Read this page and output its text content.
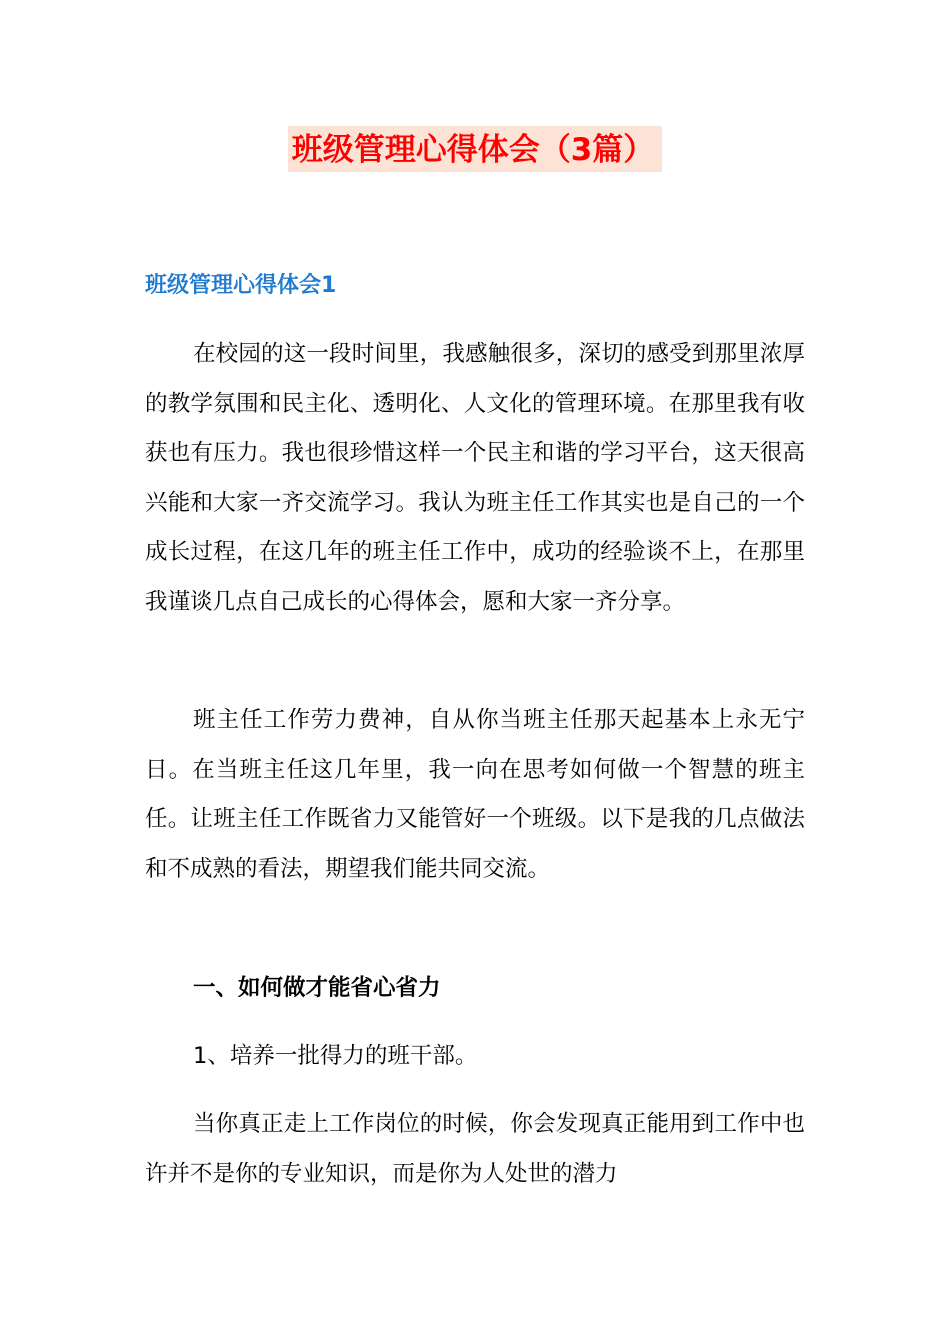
班级管理心得体会（3篇）
班级管理心得体会1

在校园的这一段时间里，我感触很多，深切的感受到那里浓厚的教学氛围和民主化、透明化、人文化的管理环境。在那里我有收获也有压力。我也很珍惜这样一个民主和谐的学习平台，这天很高兴能和大家一齐交流学习。我认为班主任工作其实也是自己的一个成长过程，在这几年的班主任工作中，成功的经验谈不上，在那里我谨谈几点自己成长的心得体会，愿和大家一齐分享。

班主任工作劳力费神，自从你当班主任那天起基本上永无宁日。在当班主任这几年里，我一向在思考如何做一个智慧的班主任。让班主任工作既省力又能管好一个班级。以下是我的几点做法和不成熟的看法，期望我们能共同交流。

一、如何做才能省心省力
1、培养一批得力的班干部。

当你真正走上工作岗位的时候，你会发现真正能用到工作中也许并不是你的专业知识，而是你为人处世的潜力
